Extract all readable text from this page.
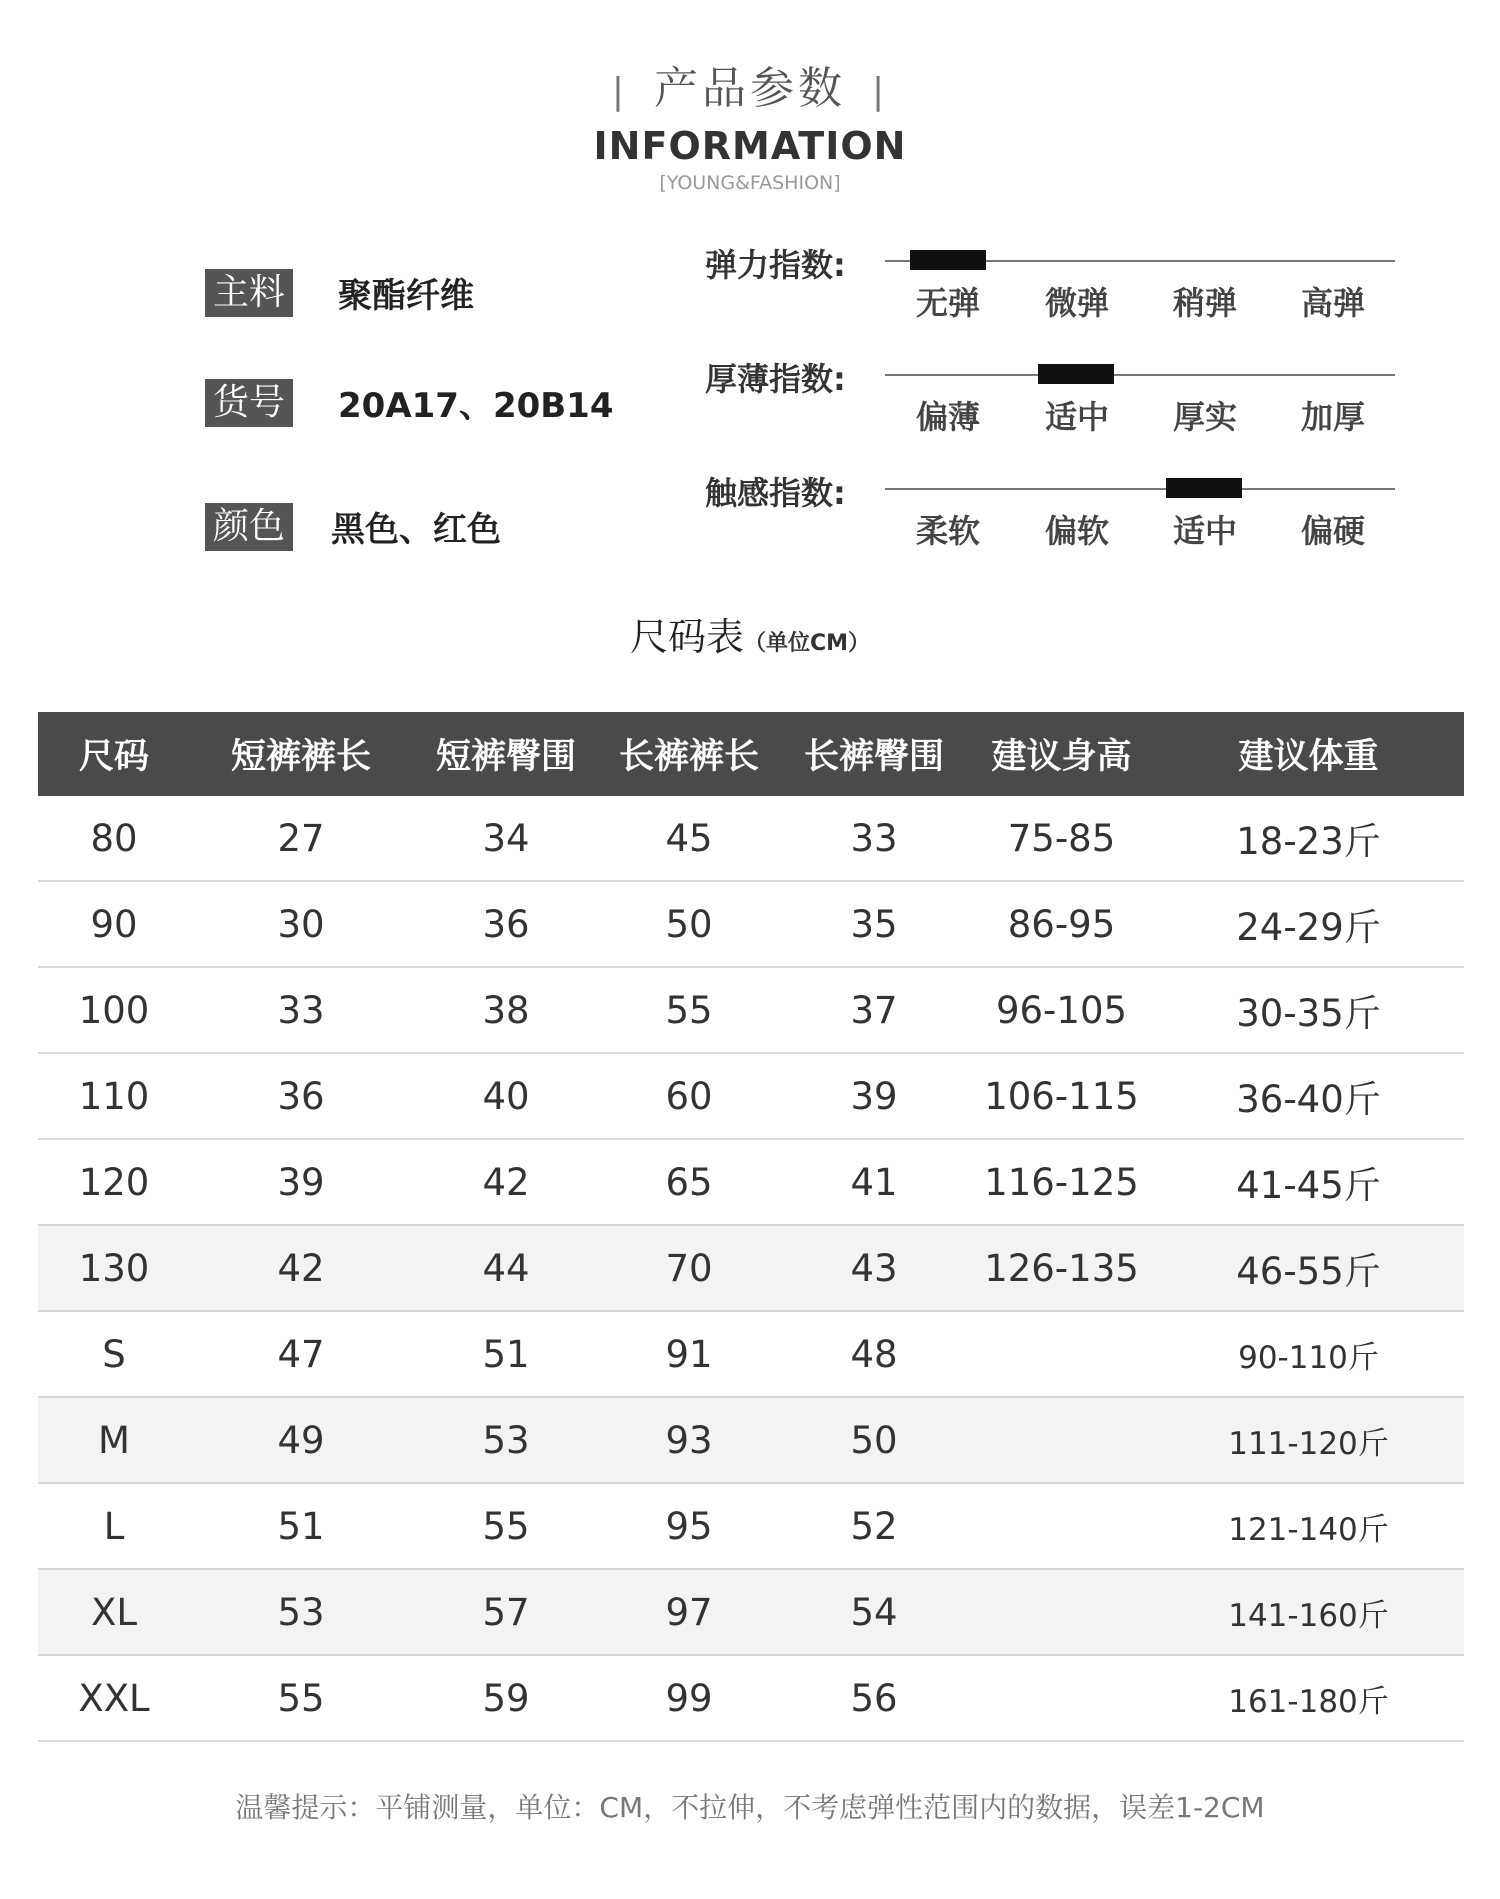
| 产品参数 |
INFORMATION
[YOUNG&FASHION]
主料 聚酯纤维
货号 20A17、20B14
颜色 黑色、红色
弹力指数:
无弹	微弹	稍弹	高弹
厚薄指数:
偏薄	适中	厚实	加厚
触感指数:
柔软	偏软	适中	偏硬
尺码表（单位CM）
尺码	短裤裤长	短裤臀围	长裤裤长	长裤臀围	建议身高	建议体重
80	27	34	45	33	75-85	18-23斤
90	30	36	50	35	86-95	24-29斤
100	33	38	55	37	96-105	30-35斤
110	36	40	60	39	106-115	36-40斤
120	39	42	65	41	116-125	41-45斤
130	42	44	70	43	126-135	46-55斤
S	47	51	91	48		90-110斤
M	49	53	93	50		111-120斤
L	51	55	95	52		121-140斤
XL	53	57	97	54		141-160斤
XXL	55	59	99	56		161-180斤
温馨提示：平铺测量，单位：CM，不拉伸，不考虑弹性范围内的数据，误差1-2CM
